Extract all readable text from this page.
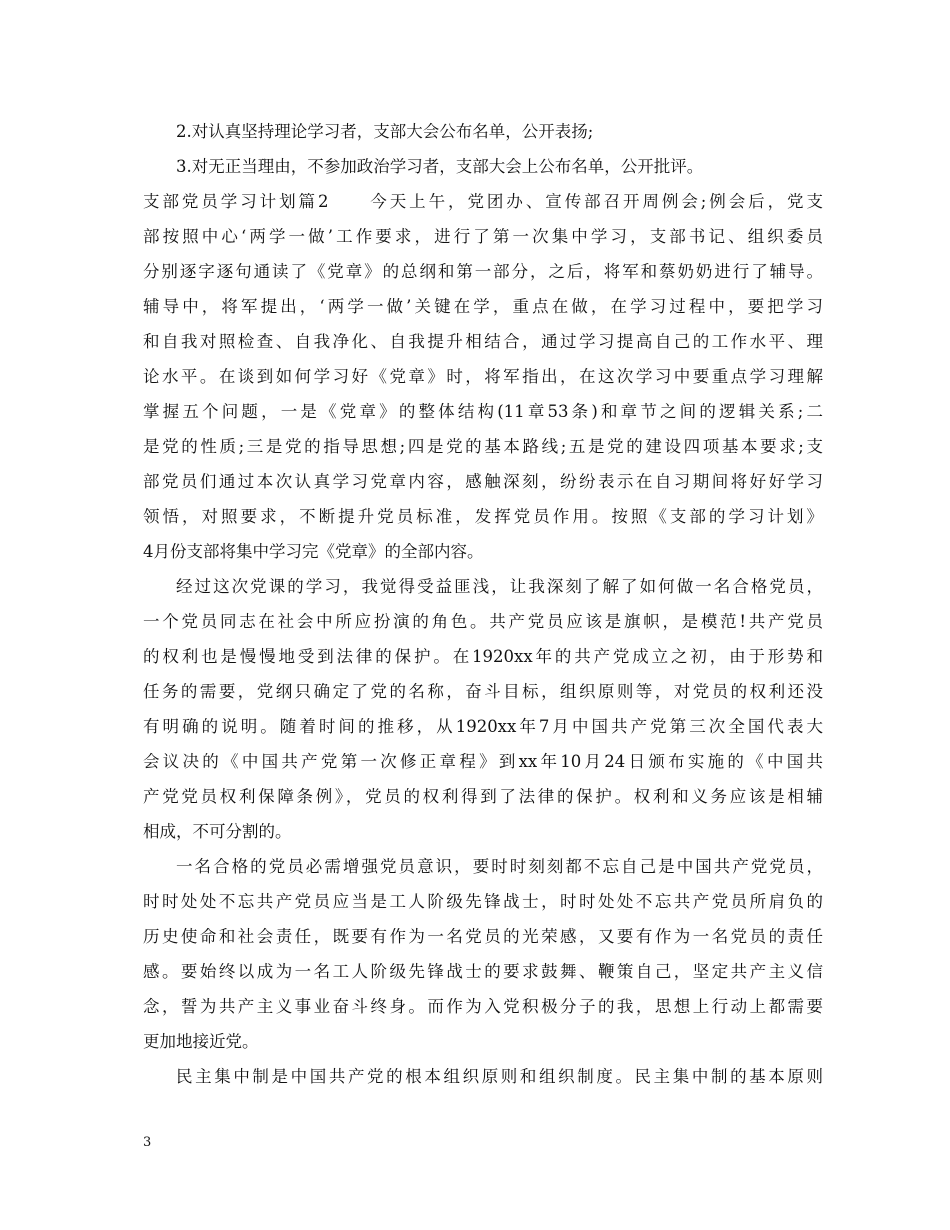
2.对认真坚持理论学习者，支部大会公布名单，公开表扬;
3.对无正当理由，不参加政治学习者，支部大会上公布名单，公开批评。
支部党员学习计划篇2　　今天上午，党团办、宣传部召开周例会;例会后，党支
部按照中心‘两学一做’工作要求，进行了第一次集中学习，支部书记、组织委员
分别逐字逐句通读了《党章》的总纲和第一部分，之后，将军和蔡奶奶进行了辅导。
辅导中，将军提出，‘两学一做’关键在学，重点在做，在学习过程中，要把学习
和自我对照检查、自我净化、自我提升相结合，通过学习提高自己的工作水平、理
论水平。在谈到如何学习好《党章》时，将军指出，在这次学习中要重点学习理解
掌握五个问题，一是《党章》的整体结构(11章53条)和章节之间的逻辑关系;二
是党的性质;三是党的指导思想;四是党的基本路线;五是党的建设四项基本要求;支
部党员们通过本次认真学习党章内容，感触深刻，纷纷表示在自习期间将好好学习
领悟，对照要求，不断提升党员标准，发挥党员作用。按照《支部的学习计划》
4月份支部将集中学习完《党章》的全部内容。
经过这次党课的学习，我觉得受益匪浅，让我深刻了解了如何做一名合格党员，
一个党员同志在社会中所应扮演的角色。共产党员应该是旗帜，是模范!共产党员
的权利也是慢慢地受到法律的保护。在1920xx年的共产党成立之初，由于形势和
任务的需要，党纲只确定了党的名称，奋斗目标，组织原则等，对党员的权利还没
有明确的说明。随着时间的推移，从1920xx年7月中国共产党第三次全国代表大
会议决的《中国共产党第一次修正章程》到xx年10月24日颁布实施的《中国共
产党党员权利保障条例》，党员的权利得到了法律的保护。权利和义务应该是相辅
相成，不可分割的。
一名合格的党员必需增强党员意识，要时时刻刻都不忘自己是中国共产党党员，
时时处处不忘共产党员应当是工人阶级先锋战士，时时处处不忘共产党员所肩负的
历史使命和社会责任，既要有作为一名党员的光荣感，又要有作为一名党员的责任
感。要始终以成为一名工人阶级先锋战士的要求鼓舞、鞭策自己，坚定共产主义信
念，誓为共产主义事业奋斗终身。而作为入党积极分子的我，思想上行动上都需要
更加地接近党。
民主集中制是中国共产党的根本组织原则和组织制度。民主集中制的基本原则
3
